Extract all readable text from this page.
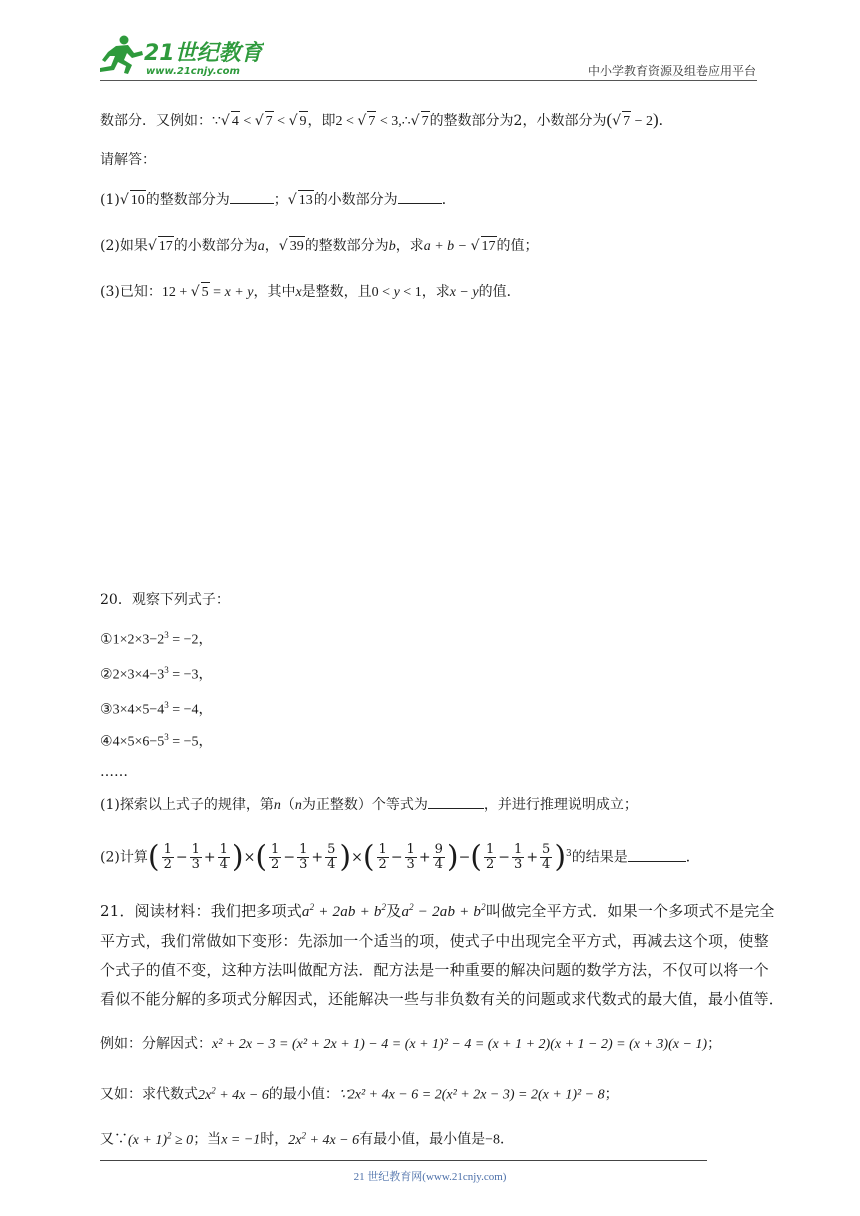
21世纪教育
www.21cnjy.com	中小学教育资源及组卷应用平台
数部分．又例如：∵ √ 4 < √ 7 < √ 9，即2 < √ 7 < 3,∴ √ 7的整数部分为2，小数部分为( √ 7 − 2)．
请解答：
(1) √ 10的整数部分为	； √ 13的小数部分为	．
(2)如果 √ 17的小数部分为a， √ 39的整数部分为b，求a + b − √ 17的值；
(3)已知：12 + √ 5 = x + y，其中x是整数，且0 < y < 1，求x − y的值．
20．观察下列式子：
$①1\times 2\times 3-2^3 = -2$，
$②2\times 3\times 4-3^3 = -3$，
$③3\times 4\times 5-4^3 = -4$，
$④4\times 5\times 6-5^3 = -5$，
……
(1)探索以上式子的规律，第n（n为正整数）个等式为	，并进行推理说明成立；
(2)计算( $\frac{1}{2} - \frac{1}{3} + \frac{1}{4}$ )×( $\frac{1}{2} - \frac{1}{3} + \frac{5}{4}$ )×( $\frac{1}{2} - \frac{1}{3} + \frac{9}{4}$ )−( $\frac{1}{2} - \frac{1}{3} + \frac{5}{4} )^3$的结果是	．
21．阅读材料：我们把多项式$a^2 + 2ab + b^2$及$a^2 - 2ab + b^2$叫做完全平方式．如果一个多项式不是完全
平方式，我们常做如下变形：先添加一个适当的项，使式子中出现完全平方式，再减去这个项，使整
个式子的值不变，这种方法叫做配方法．配方法是一种重要的解决问题的数学方法，不仅可以将一个
看似不能分解的多项式分解因式，还能解决一些与非负数有关的问题或求代数式的最大值，最小值等．
例如：分解因式：x² + 2x − 3 = (x² + 2x + 1) − 4 = (x + 1)² − 4 = (x + 1 + 2)(x + 1 − 2) = (x + 3)(x − 1)；
又如：求代数式$2x^2 + 4x - 6$的最小值：∵2x² + 4x − 6 = 2(x² + 2x − 3) = 2(x + 1)² − 8；
又∵(x + 1)$^2$ ≥ 0；当x = −1时，$2x^2 + 4x - 6$有最小值，最小值是−8．
21 世纪教育网(www.21cnjy.com)
